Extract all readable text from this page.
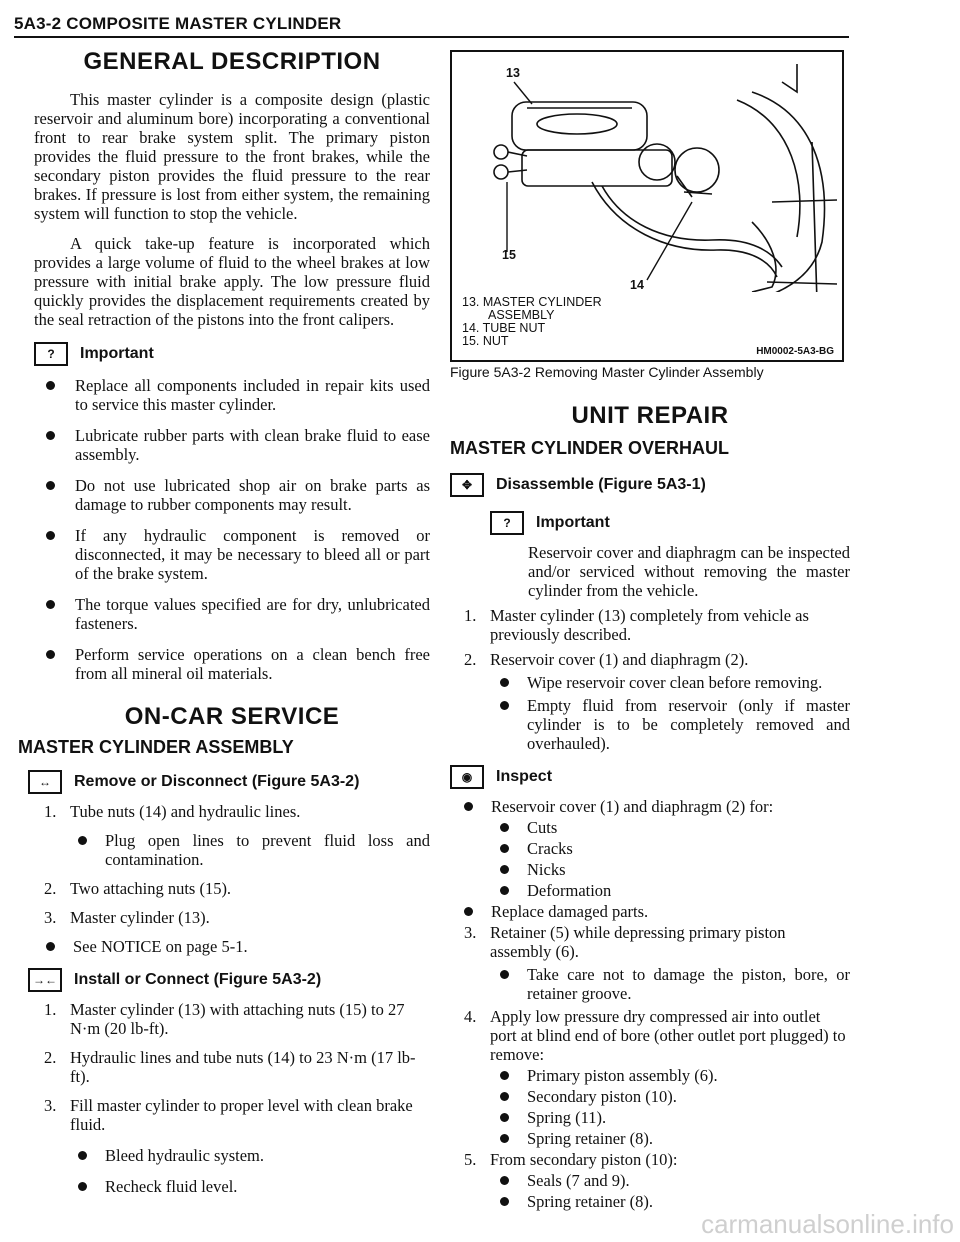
5A3-2 COMPOSITE MASTER CYLINDER
GENERAL DESCRIPTION

This master cylinder is a composite design (plastic reservoir and aluminum bore) incorporating a conventional front to rear brake system split. The primary piston provides the fluid pressure to the front brakes, while the secondary piston provides the fluid pressure to the rear brakes. If pressure is lost from either system, the remaining system will function to stop the vehicle.

A quick take-up feature is incorporated which provides a large volume of fluid to the wheel brakes at low pressure with initial brake apply. The low pressure fluid quickly provides the displacement requirements created by the seal retraction of the pistons into the front calipers.

?	Important
Replace all components included in repair kits used to service this master cylinder.
Lubricate rubber parts with clean brake fluid to ease assembly.
Do not use lubricated shop air on brake parts as damage to rubber components may result.
If any hydraulic component is removed or disconnected, it may be necessary to bleed all or part of the brake system.
The torque values specified are for dry, unlubricated fasteners.
Perform service operations on a clean bench free from all mineral oil materials.
ON-CAR SERVICE
MASTER CYLINDER ASSEMBLY
↔	Remove or Disconnect (Figure 5A3-2)
1. Tube nuts (14) and hydraulic lines.
Plug open lines to prevent fluid loss and contamination.
2. Two attaching nuts (15).
3. Master cylinder (13).
See NOTICE on page 5-1.
→←	Install or Connect (Figure 5A3-2)
1. Master cylinder (13) with attaching nuts (15) to 27 N·m (20 lb-ft).
2. Hydraulic lines and tube nuts (14) to 23 N·m (17 lb-ft).
3. Fill master cylinder to proper level with clean brake fluid.
Bleed hydraulic system.
Recheck fluid level.
13
15
14
13. MASTER CYLINDER
ASSEMBLY
14. TUBE NUT
15. NUT
HM0002-5A3-BG
Figure 5A3-2 Removing Master Cylinder Assembly
UNIT REPAIR
MASTER CYLINDER OVERHAUL
✥	Disassemble (Figure 5A3-1)
?	Important

Reservoir cover and diaphragm can be inspected and/or serviced without removing the master cylinder from the vehicle.

1. Master cylinder (13) completely from vehicle as previously described.
2. Reservoir cover (1) and diaphragm (2).
Wipe reservoir cover clean before removing.
Empty fluid from reservoir (only if master cylinder is to be completely removed and overhauled).
◉	Inspect
Reservoir cover (1) and diaphragm (2) for:
Cuts
Cracks
Nicks
Deformation
Replace damaged parts.
3. Retainer (5) while depressing primary piston assembly (6).
Take care not to damage the piston, bore, or retainer groove.
4. Apply low pressure dry compressed air into outlet port at blind end of bore (other outlet port plugged) to remove:
Primary piston assembly (6).
Secondary piston (10).
Spring (11).
Spring retainer (8).
5. From secondary piston (10):
Seals (7 and 9).
Spring retainer (8).
carmanualsonline.info
